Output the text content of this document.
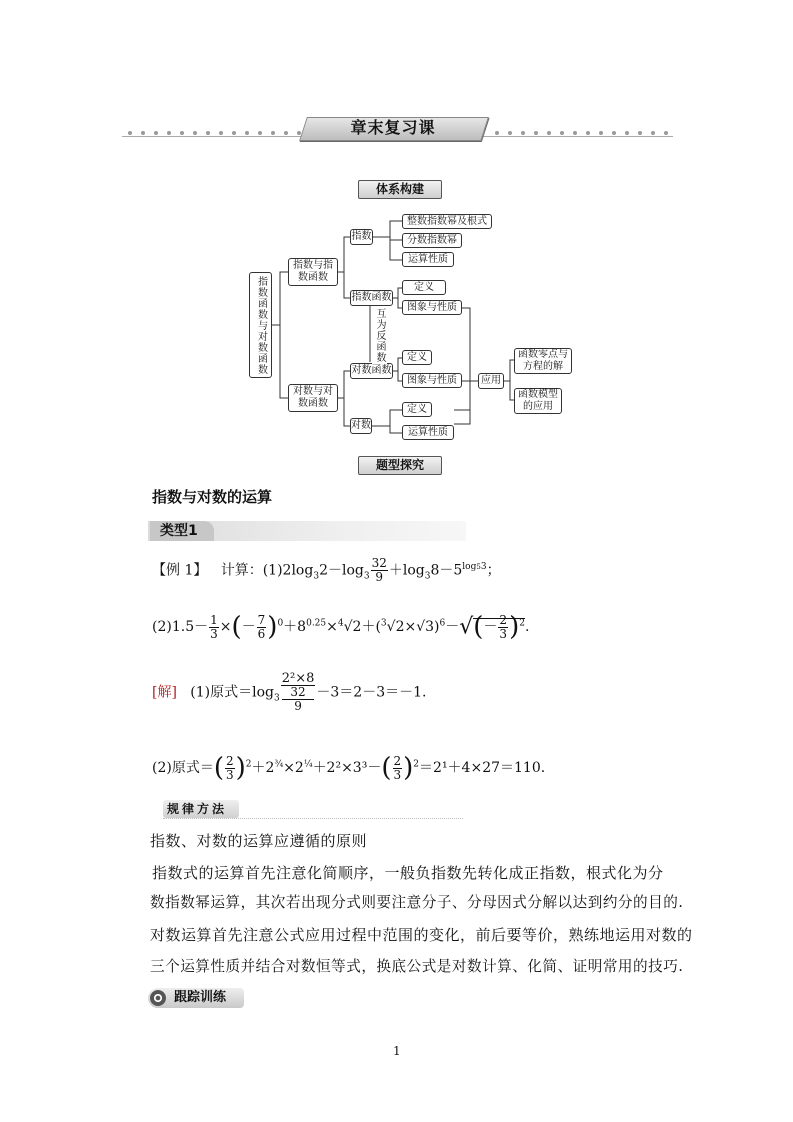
章末复习课
体系构建
指数函数与对数函数
指数与指数函数
对数与对数函数
指数
指数函数
对数函数
对数
整数指数幂及根式
分数指数幂
运算性质
定义
图象与性质
互为反函数	定义
图象与性质
定义
运算性质
应用
函数零点与方程的解
函数模型的应用
题型探究
指数与对数的运算
类型1
【例 1】 计算：$(1)2\log_32-\log_3 \frac{32}{9} +\log_38-5^{log53}$；
$(2)1.5- \frac{1}{3}$ ×(－ $\frac{7}{6} )^0+8^{0.25}\times^4√2+(^3√2\times√3)^6-√(- \frac{2}{3} )^2$.
[解] (1)原式$=\log_3$ 2²×8
32
9 －3＝2－3＝－1.
(2)原式＝( $\frac{2}{3} )^2+2^{\frac{3}{4}}\times 2^{\frac{1}{4}}+2^2\times 3^3-( \frac{2}{3} )^2=2^1+4\times 27=110$.
规律方法
指数、对数的运算应遵循的原则
指数式的运算首先注意化简顺序，一般负指数先转化成正指数，根式化为分
数指数幂运算，其次若出现分式则要注意分子、分母因式分解以达到约分的目的.
对数运算首先注意公式应用过程中范围的变化，前后要等价，熟练地运用对数的
三个运算性质并结合对数恒等式，换底公式是对数计算、化简、证明常用的技巧.
跟踪训练
1
